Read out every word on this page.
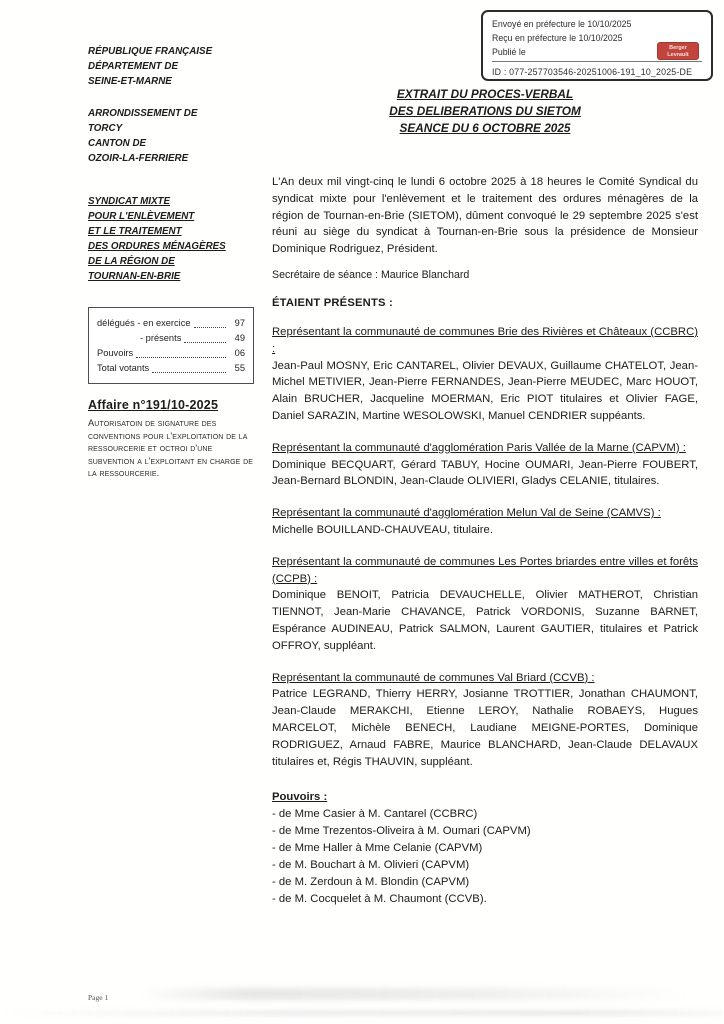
Envoyé en préfecture le 10/10/2025
Reçu en préfecture le 10/10/2025
Publié le
ID : 077-257703546-20251006-191_10_2025-DE
Berger
Levrault
RÉPUBLIQUE FRANÇAISE
DÉPARTEMENT DE
SEINE-ET-MARNE
ARRONDISSEMENT DE
TORCY
CANTON DE
OZOIR-LA-FERRIERE
SYNDICAT MIXTE
POUR L'ENLÈVEMENT
ET LE TRAITEMENT
DES ORDURES MÉNAGÈRES
DE LA RÉGION DE
TOURNAN-EN-BRIE
délégués
- en exercice	97
- présents	49
Pouvoirs	06
Total votants	55
Affaire n°191/10-2025
Autorisatoin de signature des conventions pour l'exploitation de la ressourcerie et octroi d'une subvention a l'exploitant en charge de la ressourcerie.
EXTRAIT DU PROCES-VERBAL
DES DELIBERATIONS DU SIETOM
SEANCE DU 6 OCTOBRE 2025

L'An deux mil vingt-cinq le lundi 6 octobre 2025 à 18 heures le Comité Syndical du syndicat mixte pour l'enlèvement et le traitement des ordures ménagères de la région de Tournan-en-Brie (SIETOM), dûment convoqué le 29 septembre 2025 s'est réuni au siège du syndicat à Tournan-en-Brie sous la présidence de Monsieur Dominique Rodriguez, Président.

Secrétaire de séance : Maurice Blanchard
ÉTAIENT PRÉSENTS :
Représentant la communauté de communes Brie des Rivières et Châteaux (CCBRC) :
Jean-Paul MOSNY, Eric CANTAREL, Olivier DEVAUX, Guillaume CHATELOT, Jean-Michel METIVIER, Jean-Pierre FERNANDES, Jean-Pierre MEUDEC, Marc HOUOT, Alain BRUCHER, Jacqueline MOERMAN, Eric PIOT titulaires et Olivier FAGE, Daniel SARAZIN, Martine WESOLOWSKI, Manuel CENDRIER suppéants.
Représentant la communauté d'agglomération Paris Vallée de la Marne (CAPVM) :
Dominique BECQUART, Gérard TABUY, Hocine OUMARI, Jean-Pierre FOUBERT, Jean-Bernard BLONDIN, Jean-Claude OLIVIERI, Gladys CELANIE, titulaires.
Représentant la communauté d'agglomération Melun Val de Seine (CAMVS) :
Michelle BOUILLAND-CHAUVEAU, titulaire.
Représentant la communauté de communes Les Portes briardes entre villes et forêts (CCPB) :
Dominique BENOIT, Patricia DEVAUCHELLE, Olivier MATHEROT, Christian TIENNOT, Jean-Marie CHAVANCE, Patrick VORDONIS, Suzanne BARNET, Espérance AUDINEAU, Patrick SALMON, Laurent GAUTIER, titulaires et Patrick OFFROY, suppléant.
Représentant la communauté de communes Val Briard (CCVB) :
Patrice LEGRAND, Thierry HERRY, Josianne TROTTIER, Jonathan CHAUMONT, Jean-Claude MERAKCHI, Etienne LEROY, Nathalie ROBAEYS, Hugues MARCELOT, Michèle BENECH, Laudiane MEIGNE-PORTES, Dominique RODRIGUEZ, Arnaud FABRE, Maurice BLANCHARD, Jean-Claude DELAVAUX titulaires et, Régis THAUVIN, suppléant.
Pouvoirs :
- de Mme Casier à M. Cantarel (CCBRC)
- de Mme Trezentos-Oliveira à M. Oumari (CAPVM)
- de Mme Haller à Mme Celanie (CAPVM)
- de M. Bouchart à M. Olivieri (CAPVM)
- de M. Zerdoun à M. Blondin (CAPVM)
- de M. Cocquelet à M. Chaumont (CCVB).
Page 1
